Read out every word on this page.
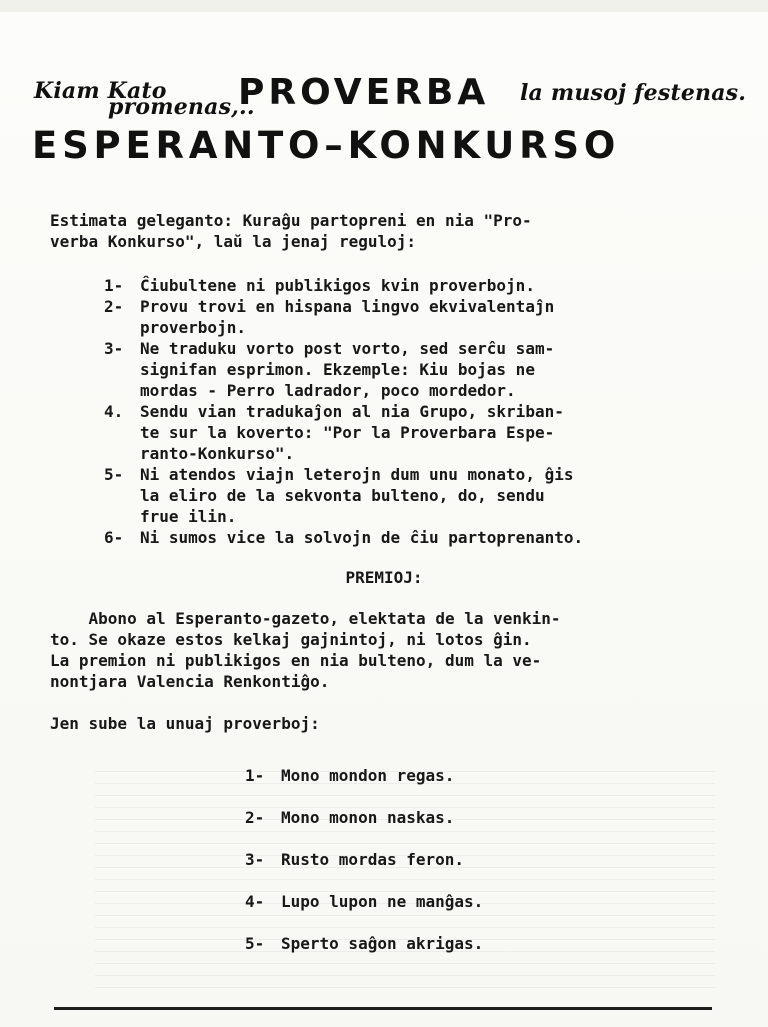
Kiam Kato
promenas,..
PROVERBA la musoj festenas.
ESPERANTO–KONKURSO
Estimata geleganto: Kuraĝu partopreni en nia "Pro-
verba Konkurso", laŭ la jenaj reguloj:
1-	Ĉiubultene ni publikigos kvin proverbojn.
2-	Provu trovi en hispana lingvo ekvivalentaĵn
proverbojn.
3-	Ne traduku vorto post vorto, sed serĉu sam-
signifan esprimon. Ekzemple: Kiu bojas ne
mordas - Perro ladrador, poco mordedor.
4.	Sendu vian tradukaĵon al nia Grupo, skriban-
te sur la koverto: "Por la Proverbara Espe-
ranto-Konkurso".
5-	Ni atendos viajn leterojn dum unu monato, ĝis
la eliro de la sekvonta bulteno, do, sendu
frue ilin.
6-	Ni sumos vice la solvojn de ĉiu partoprenanto.
PREMIOJ:
Abono al Esperanto-gazeto, elektata de la venkin-
to. Se okaze estos kelkaj gajnintoj, ni lotos ĝin.
La premion ni publikigos en nia bulteno, dum la ve-
nontjara Valencia Renkontiĝo.
Jen sube la unuaj proverboj:
1-	Mono mondon regas.
2-	Mono monon naskas.
3-	Rusto mordas feron.
4-	Lupo lupon ne manĝas.
5-	Sperto saĝon akrigas.
